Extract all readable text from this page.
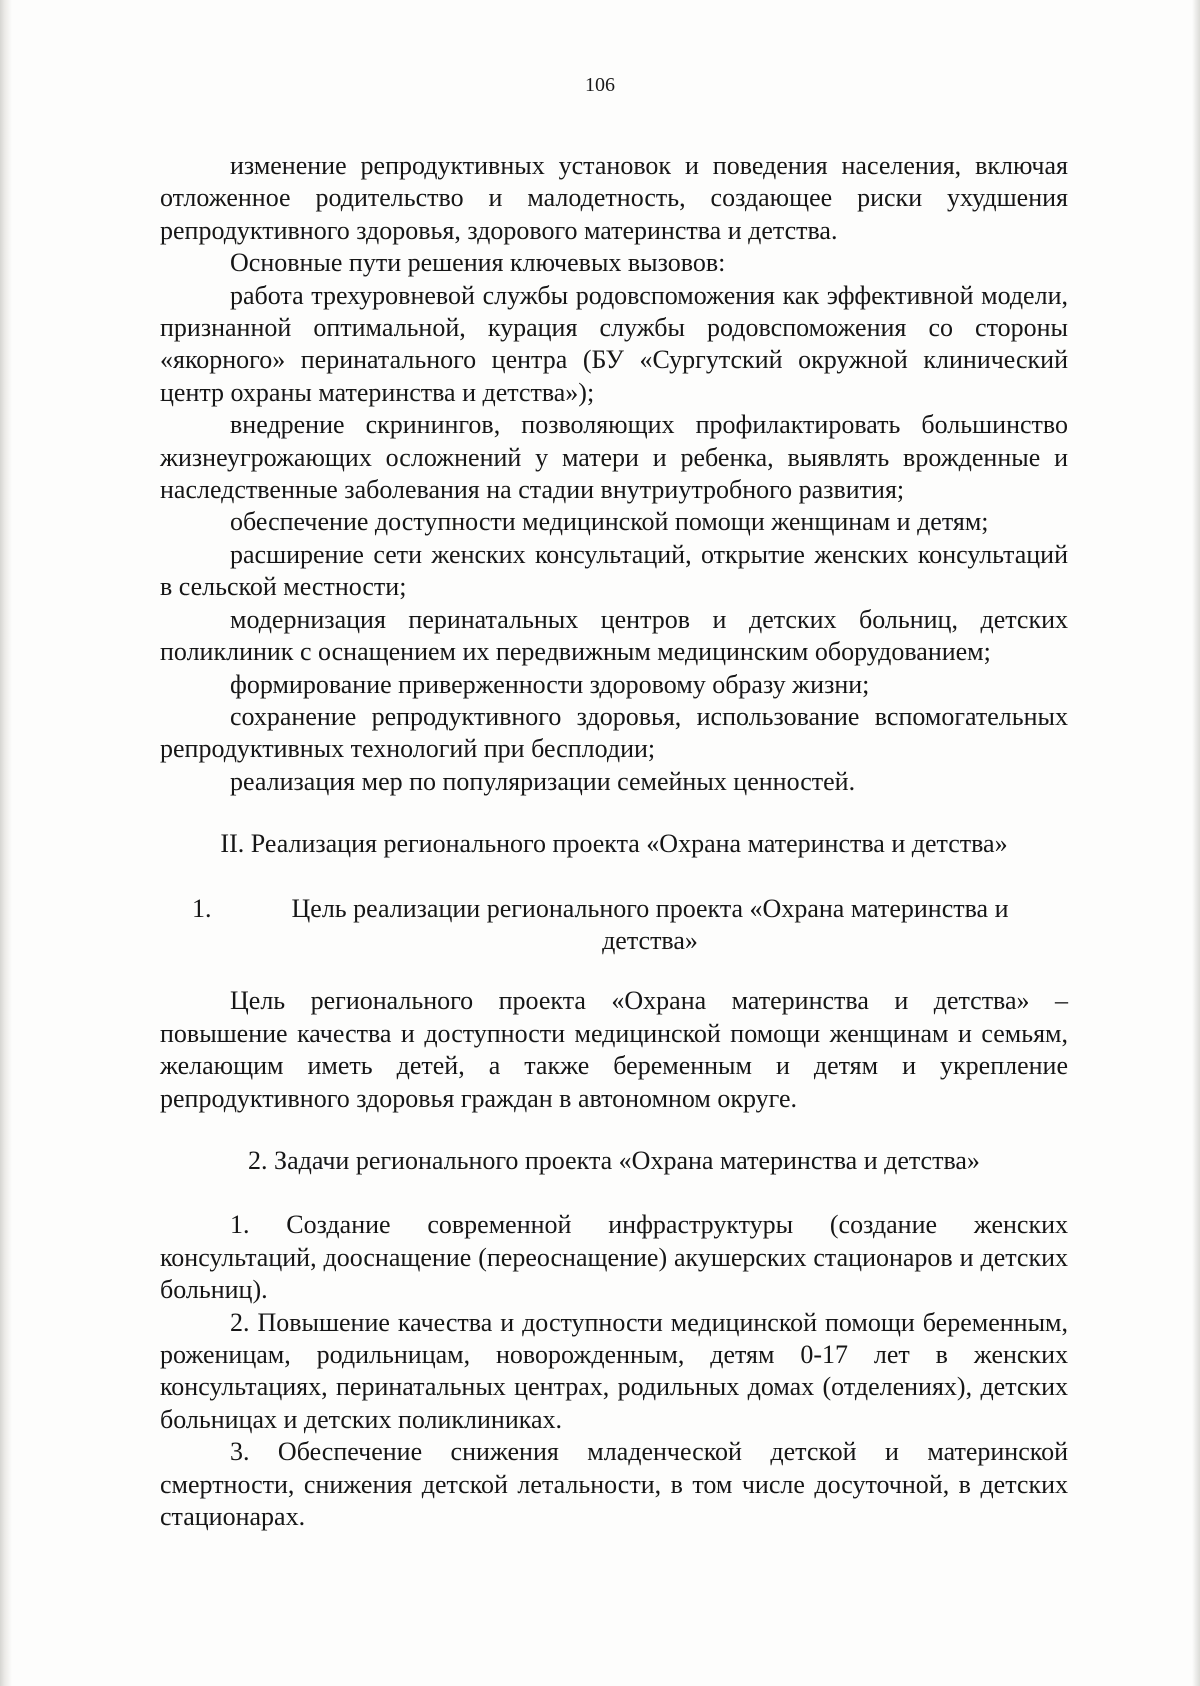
106

изменение репродуктивных установок и поведения населения, включая отложенное родительство и малодетность, создающее риски ухудшения репродуктивного здоровья, здорового материнства и детства.

Основные пути решения ключевых вызовов:

работа трехуровневой службы родовспоможения как эффективной модели, признанной оптимальной, курация службы родовспоможения со стороны «якорного» перинатального центра (БУ «Сургутский окружной клинический центр охраны материнства и детства»);

внедрение скринингов, позволяющих профилактировать большинство жизнеугрожающих осложнений у матери и ребенка, выявлять врожденные и наследственные заболевания на стадии внутриутробного развития;

обеспечение доступности медицинской помощи женщинам и детям;

расширение сети женских консультаций, открытие женских консультаций в сельской местности;

модернизация перинатальных центров и детских больниц, детских поликлиник с оснащением их передвижным медицинским оборудованием;

формирование приверженности здоровому образу жизни;

сохранение репродуктивного здоровья, использование вспомогательных репродуктивных технологий при бесплодии;

реализация мер по популяризации семейных ценностей.

II. Реализация регионального проекта «Охрана материнства и детства»
1.	Цель реализации регионального проекта «Охрана материнства и детства»

Цель регионального проекта «Охрана материнства и детства» – повышение качества и доступности медицинской помощи женщинам и семьям, желающим иметь детей, а также беременным и детям и укрепление репродуктивного здоровья граждан в автономном округе.

2. Задачи регионального проекта «Охрана материнства и детства»

1. Создание современной инфраструктуры (создание женских консультаций, дооснащение (переоснащение) акушерских стационаров и детских больниц).

2. Повышение качества и доступности медицинской помощи беременным, роженицам, родильницам, новорожденным, детям 0-17 лет в женских консультациях, перинатальных центрах, родильных домах (отделениях), детских больницах и детских поликлиниках.

3. Обеспечение снижения младенческой детской и материнской смертности, снижения детской летальности, в том числе досуточной, в детских стационарах.
